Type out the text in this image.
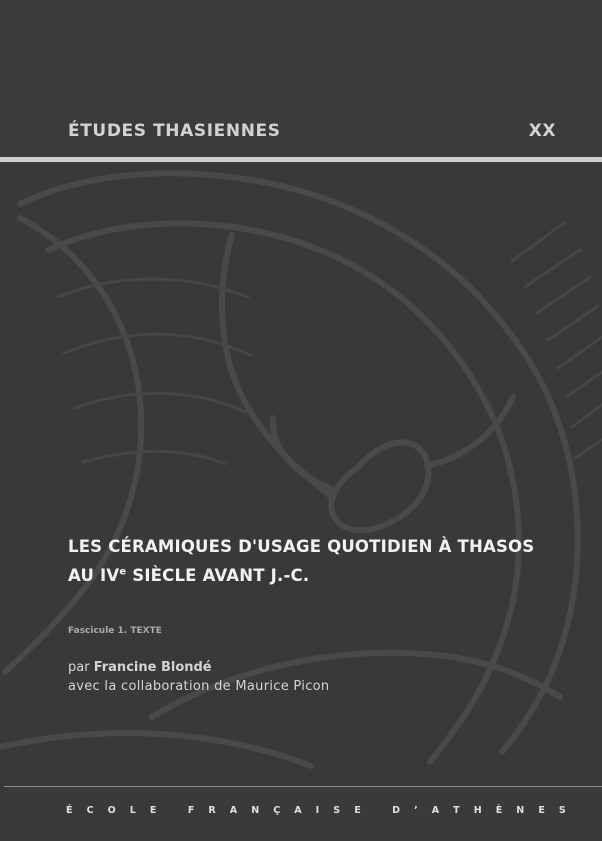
ÉTUDES THASIENNES	XX
LES CÉRAMIQUES D'USAGE QUOTIDIEN À THASOS
AU IVe SIÈCLE AVANT J.-C.
Fascicule 1. TEXTE
par Francine Blondé
avec la collaboration de Maurice Picon
É C O L E
	F R A N Ç A I S E
	D ’ A T H È N E S
